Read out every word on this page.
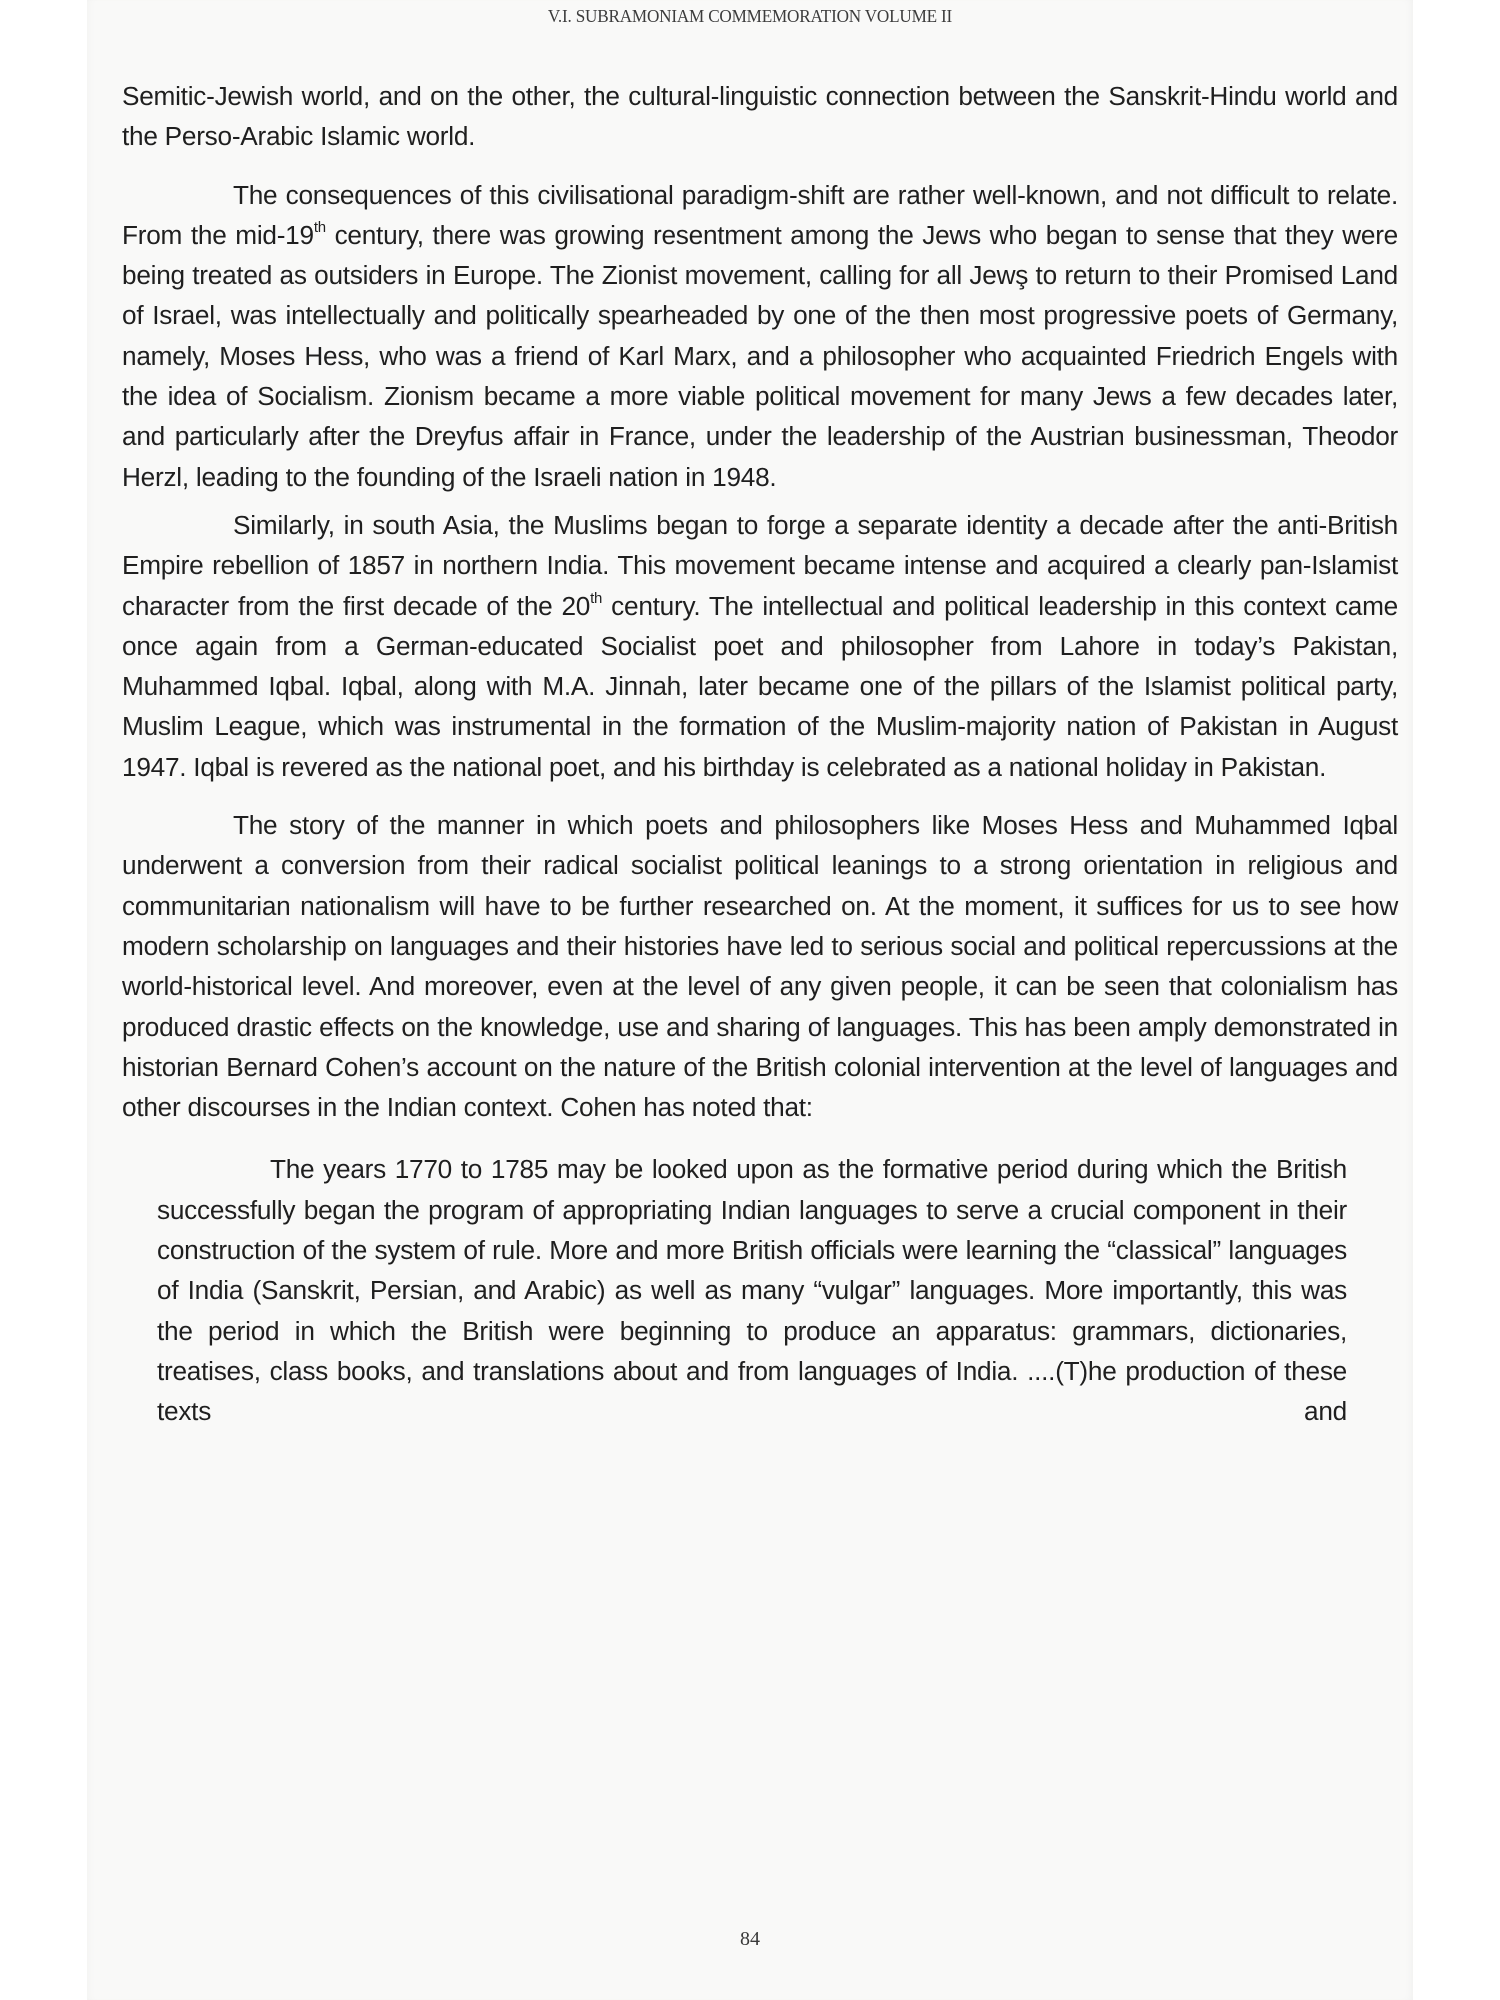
V.I. SUBRAMONIAM COMMEMORATION VOLUME II

Semitic-Jewish world, and on the other, the cultural-linguistic connection between the Sanskrit-Hindu world and the Perso-Arabic Islamic world.

The consequences of this civilisational paradigm-shift are rather well-known, and not difficult to relate. From the mid-19th century, there was growing resentment among the Jews who began to sense that they were being treated as outsiders in Europe. The Zionist movement, calling for all Jewş to return to their Promised Land of Israel, was intellectually and politically spearheaded by one of the then most progressive poets of Germany, namely, Moses Hess, who was a friend of Karl Marx, and a philosopher who acquainted Friedrich Engels with the idea of Socialism. Zionism became a more viable political movement for many Jews a few decades later, and particularly after the Dreyfus affair in France, under the leadership of the Austrian businessman, Theodor Herzl, leading to the founding of the Israeli nation in 1948.

Similarly, in south Asia, the Muslims began to forge a separate identity a decade after the anti-British Empire rebellion of 1857 in northern India. This movement became intense and acquired a clearly pan-Islamist character from the first decade of the 20th century. The intellectual and political leadership in this context came once again from a German-educated Socialist poet and philosopher from Lahore in today’s Pakistan, Muhammed Iqbal. Iqbal, along with M.A. Jinnah, later became one of the pillars of the Islamist political party, Muslim League, which was instrumental in the formation of the Muslim-majority nation of Pakistan in August 1947. Iqbal is revered as the national poet, and his birthday is celebrated as a national holiday in Pakistan.

The story of the manner in which poets and philosophers like Moses Hess and Muhammed Iqbal underwent a conversion from their radical socialist political leanings to a strong orientation in religious and communitarian nationalism will have to be further researched on. At the moment, it suffices for us to see how modern scholarship on languages and their histories have led to serious social and political repercussions at the world-historical level. And moreover, even at the level of any given people, it can be seen that colonialism has produced drastic effects on the knowledge, use and sharing of languages. This has been amply demonstrated in historian Bernard Cohen’s account on the nature of the British colonial intervention at the level of languages and other discourses in the Indian context. Cohen has noted that:

The years 1770 to 1785 may be looked upon as the formative period during which the British successfully began the program of appropriating Indian languages to serve a crucial component in their construction of the system of rule. More and more British officials were learning the “classical” languages of India (Sanskrit, Persian, and Arabic) as well as many “vulgar” languages. More importantly, this was the period in which the British were beginning to produce an apparatus: grammars, dictionaries, treatises, class books, and translations about and from languages of India. ....(T)he production of these texts and

84
